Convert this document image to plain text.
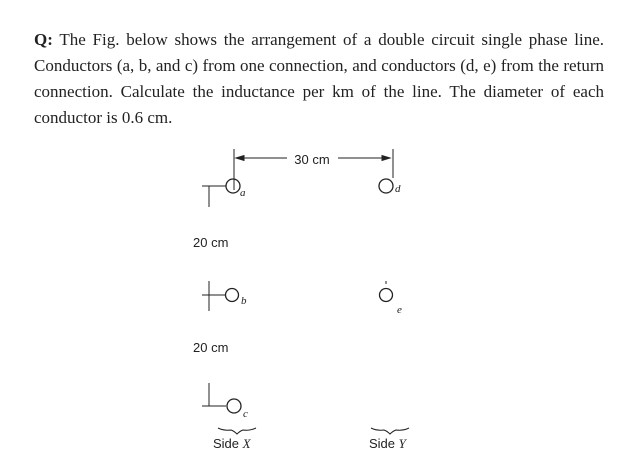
Q: The Fig. below shows the arrangement of a double circuit single phase line. Conductors (a, b, and c) from one connection, and conductors (d, e) from the return connection. Calculate the inductance per km of the line. The diameter of each conductor is 0.6 cm.

30 cm
a	d
20 cm
b
e
20 cm
c
Side X	Side Y
